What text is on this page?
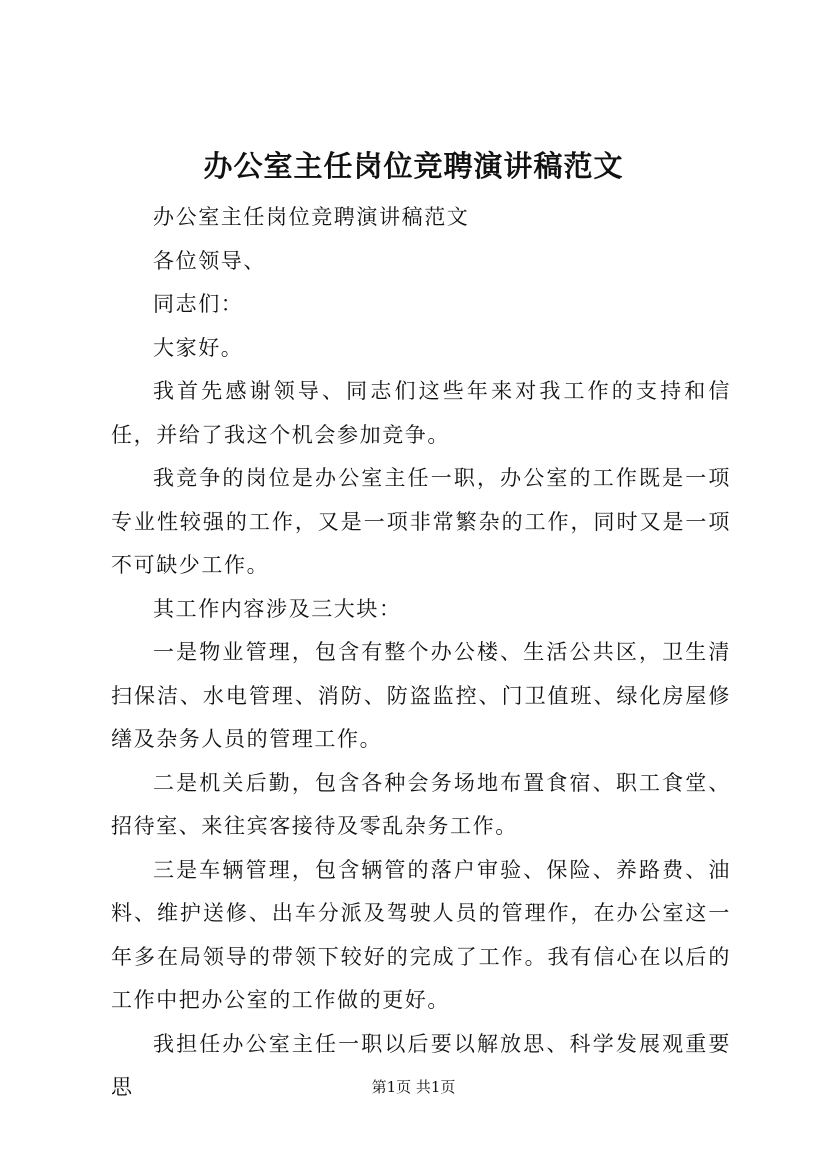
办公室主任岗位竞聘演讲稿范文

办公室主任岗位竞聘演讲稿范文

各位领导、

同志们：

大家好。

我首先感谢领导、同志们这些年来对我工作的支持和信任，并给了我这个机会参加竞争。

我竞争的岗位是办公室主任一职，办公室的工作既是一项专业性较强的工作，又是一项非常繁杂的工作，同时又是一项不可缺少工作。

其工作内容涉及三大块：

一是物业管理，包含有整个办公楼、生活公共区，卫生清扫保洁、水电管理、消防、防盗监控、门卫值班、绿化房屋修缮及杂务人员的管理工作。

二是机关后勤，包含各种会务场地布置食宿、职工食堂、招待室、来往宾客接待及零乱杂务工作。

三是车辆管理，包含辆管的落户审验、保险、养路费、油料、维护送修、出车分派及驾驶人员的管理作，在办公室这一年多在局领导的带领下较好的完成了工作。我有信心在以后的工作中把办公室的工作做的更好。

我担任办公室主任一职以后要以解放思、科学发展观重要思	第1页 共1页
